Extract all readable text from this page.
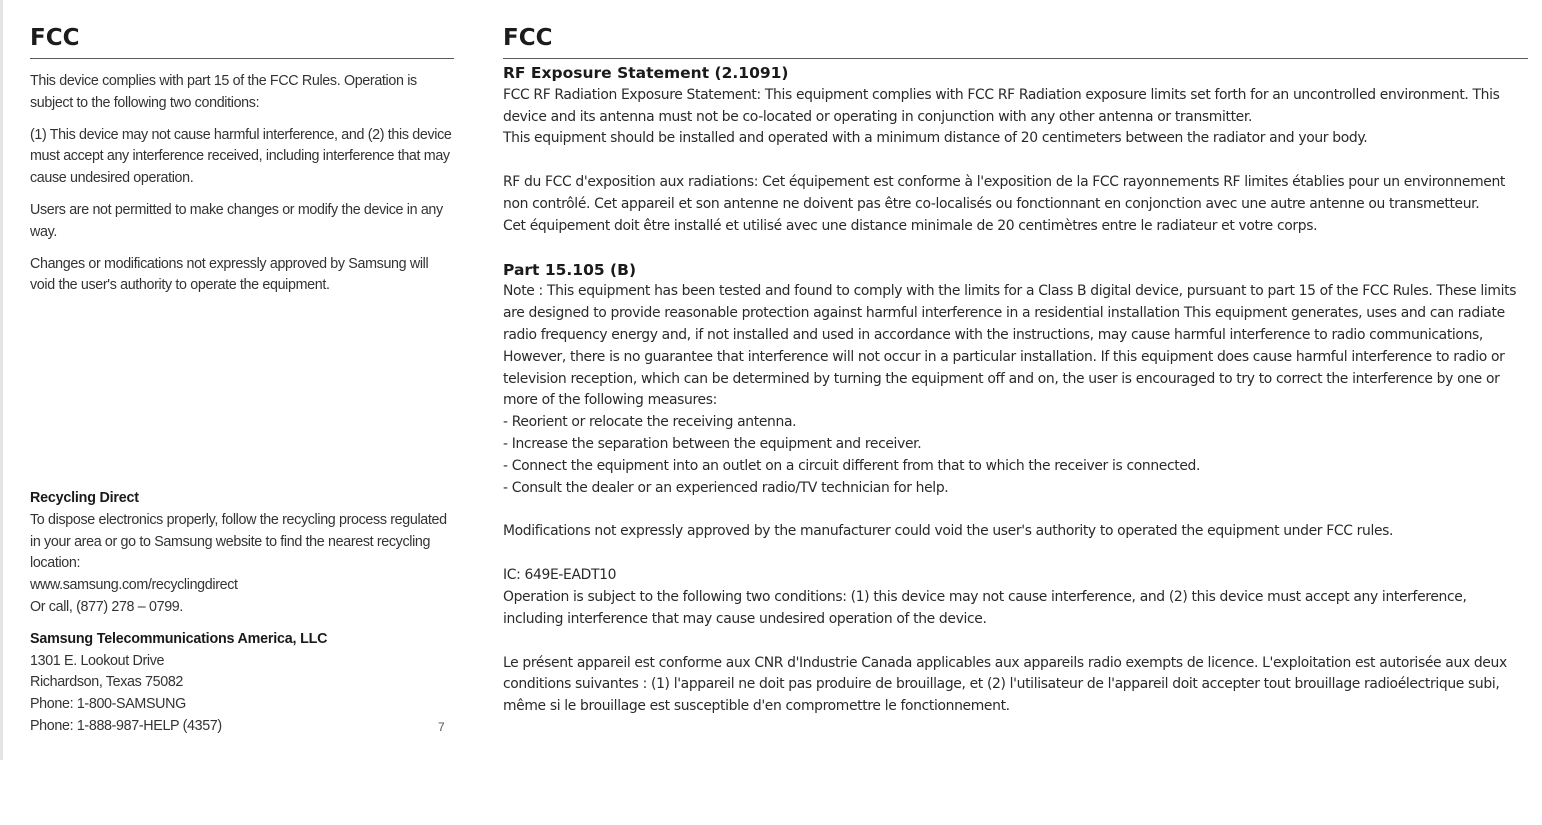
FCC

This device complies with part 15 of the FCC Rules. Operation is subject to the following two conditions:

(1) This device may not cause harmful interference, and (2) this device must accept any interference received, including interference that may cause undesired operation.

Users are not permitted to make changes or modify the device in any way.

Changes or modifications not expressly approved by Samsung will void the user's authority to operate the equipment.

Recycling Direct
To dispose electronics properly, follow the recycling process regulated in your area or go to Samsung website to find the nearest recycling location:
www.samsung.com/recyclingdirect
Or call, (877) 278 – 0799.
Samsung Telecommunications America, LLC
1301 E. Lookout Drive
Richardson, Texas 75082
Phone: 1-800-SAMSUNG
Phone: 1-888-987-HELP (4357)	7
FCC
RF Exposure Statement (2.1091)

FCC RF Radiation Exposure Statement: This equipment complies with FCC RF Radiation exposure limits set forth for an uncontrolled environment. This device and its antenna must not be co-located or operating in conjunction with any other antenna or transmitter.

This equipment should be installed and operated with a minimum distance of 20 centimeters between the radiator and your body.

RF du FCC d'exposition aux radiations: Cet équipement est conforme à l'exposition de la FCC rayonnements RF limites établies pour un environnement non contrôlé. Cet appareil et son antenne ne doivent pas être co-localisés ou fonctionnant en conjonction avec une autre antenne ou transmetteur.

Cet équipement doit être installé et utilisé avec une distance minimale de 20 centimètres entre le radiateur et votre corps.

Part 15.105 (B)

Note : This equipment has been tested and found to comply with the limits for a Class B digital device, pursuant to part 15 of the FCC Rules. These limits are designed to provide reasonable protection against harmful interference in a residential installation This equipment generates, uses and can radiate radio frequency energy and, if not installed and used in accordance with the instructions, may cause harmful interference to radio communications, However, there is no guarantee that interference will not occur in a particular installation. If this equipment does cause harmful interference to radio or television reception, which can be determined by turning the equipment off and on, the user is encouraged to try to correct the interference by one or more of the following measures:

- Reorient or relocate the receiving antenna.

- Increase the separation between the equipment and receiver.

- Connect the equipment into an outlet on a circuit different from that to which the receiver is connected.

- Consult the dealer or an experienced radio/TV technician for help.

Modifications not expressly approved by the manufacturer could void the user's authority to operated the equipment under FCC rules.

IC: 649E-EADT10

Operation is subject to the following two conditions: (1) this device may not cause interference, and (2) this device must accept any interference, including interference that may cause undesired operation of the device.

Le présent appareil est conforme aux CNR d'Industrie Canada applicables aux appareils radio exempts de licence. L'exploitation est autorisée aux deux conditions suivantes : (1) l'appareil ne doit pas produire de brouillage, et (2) l'utilisateur de l'appareil doit accepter tout brouillage radioélectrique subi, même si le brouillage est susceptible d'en compromettre le fonctionnement.
